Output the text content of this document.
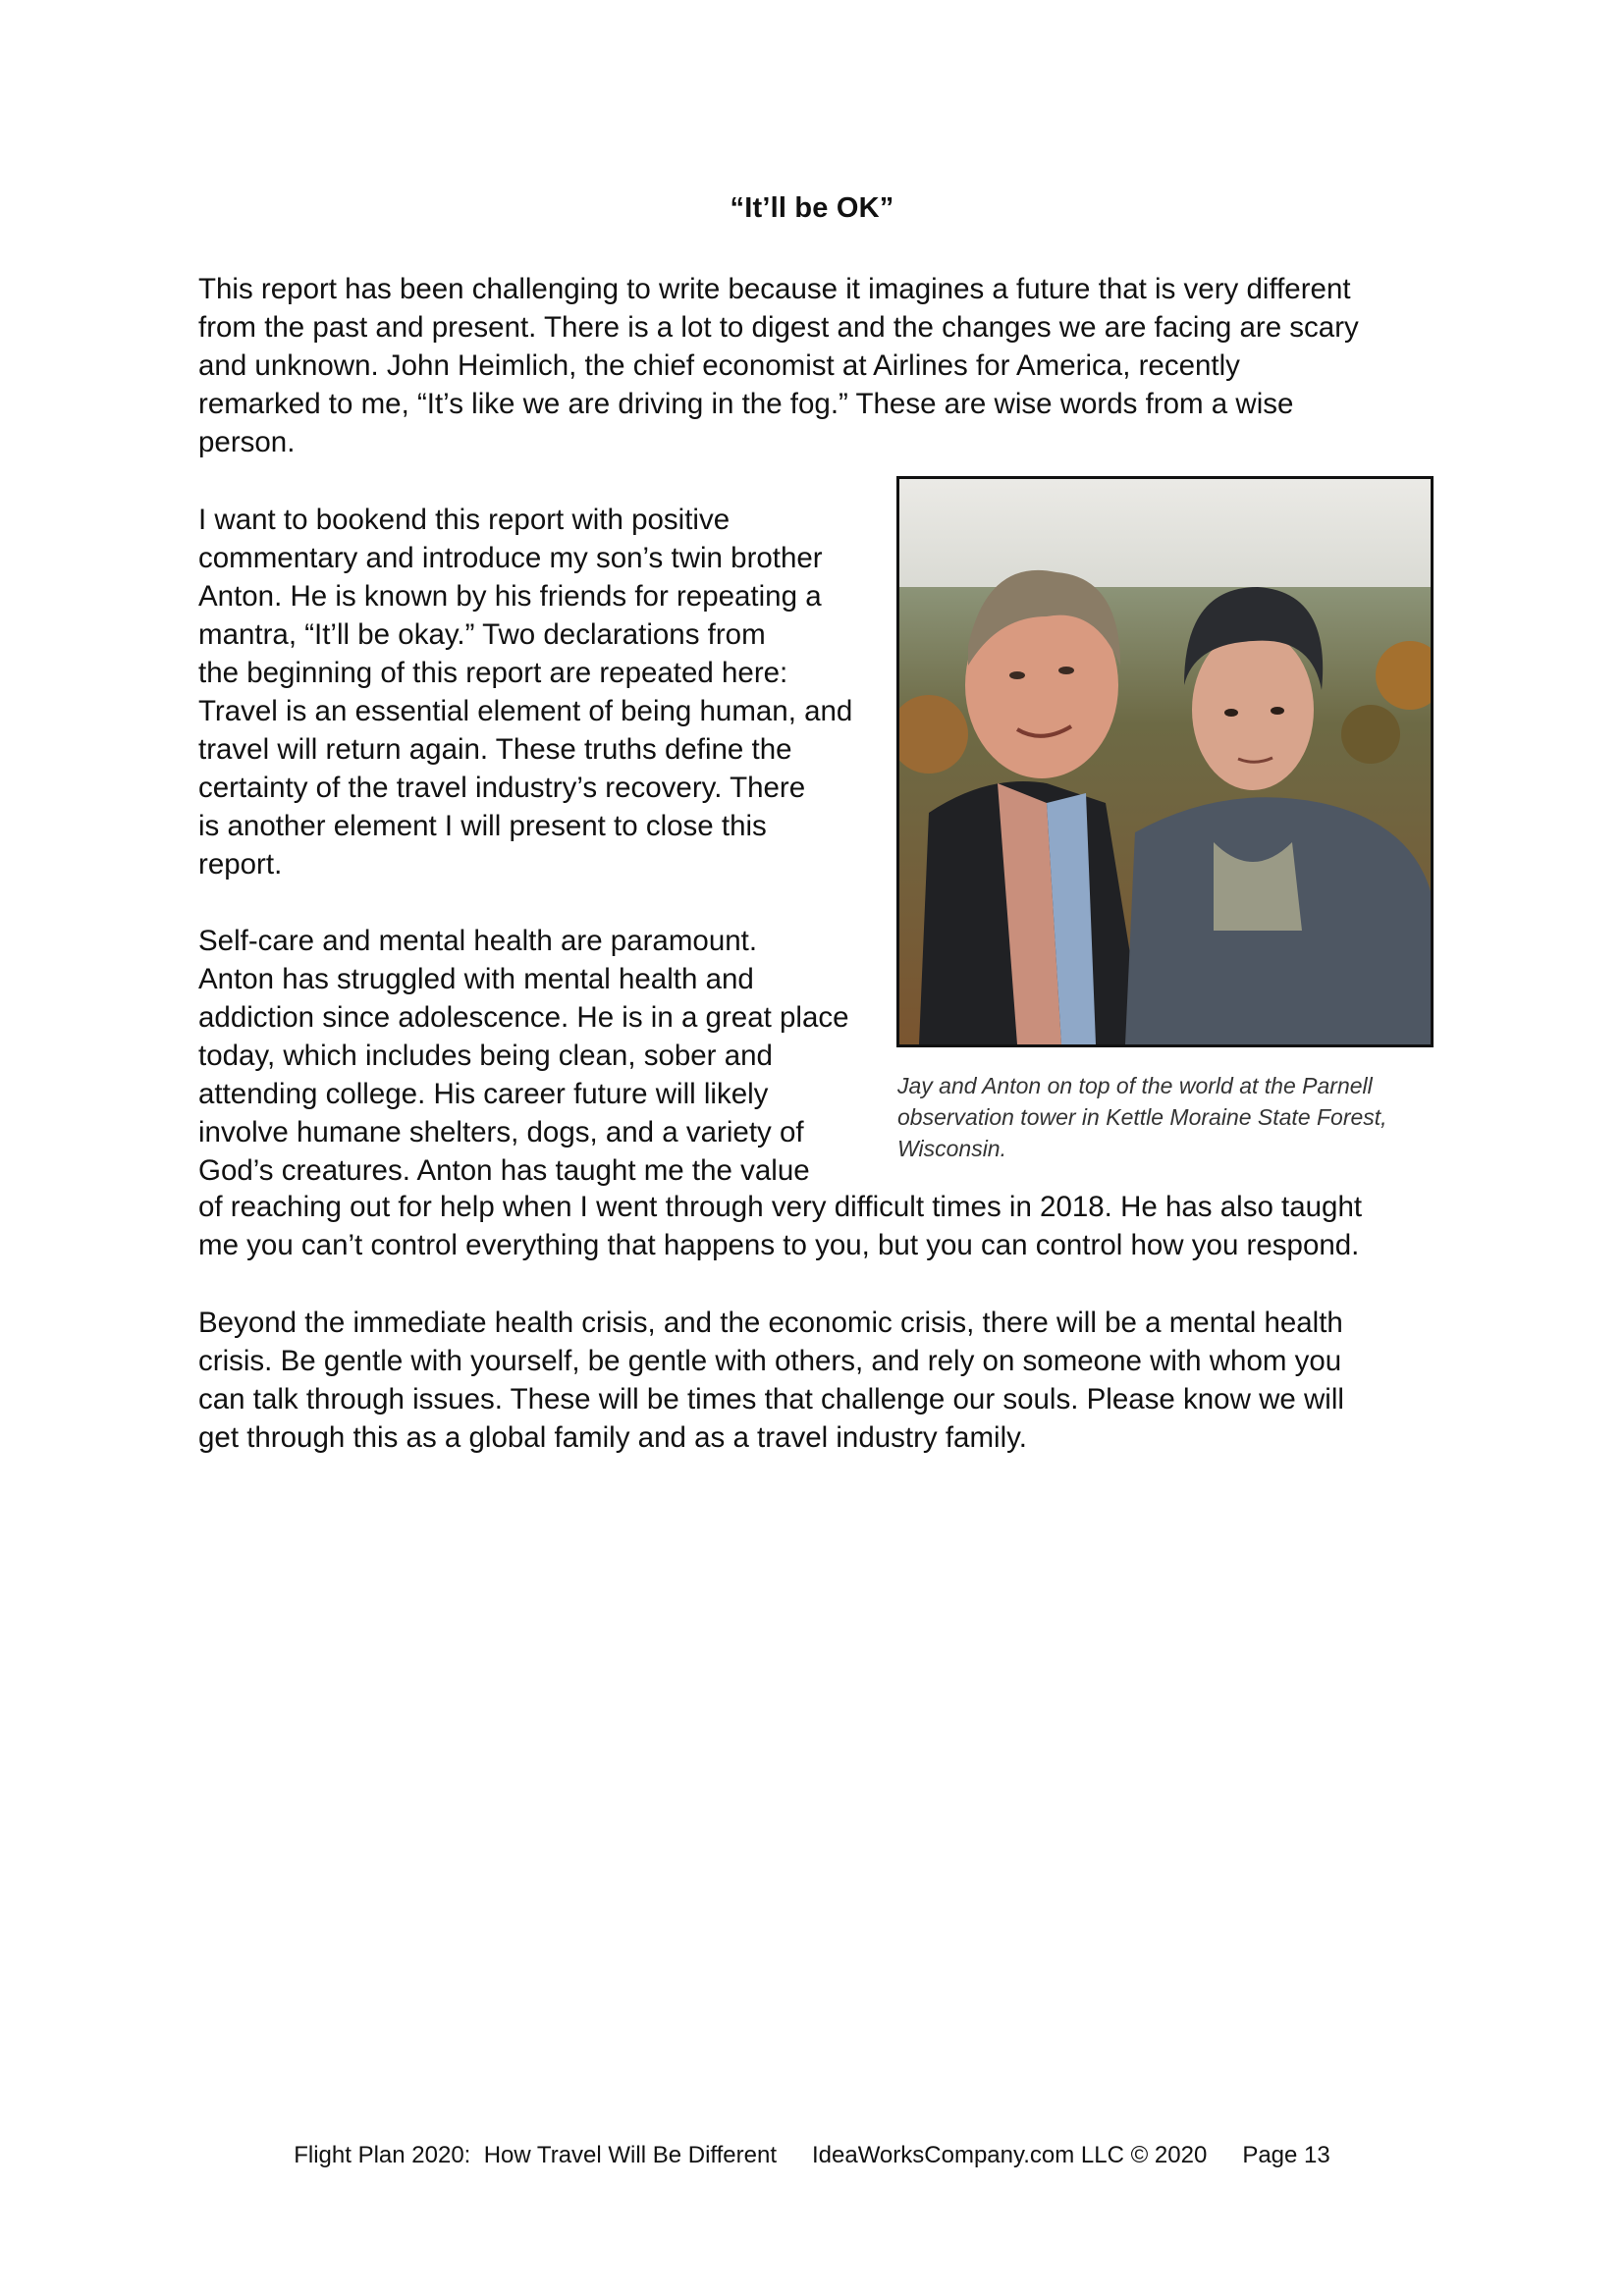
“It’ll be OK”
This report has been challenging to write because it imagines a future that is very different
from the past and present. There is a lot to digest and the changes we are facing are scary
and unknown. John Heimlich, the chief economist at Airlines for America, recently
remarked to me, “It’s like we are driving in the fog.” These are wise words from a wise
person.
I want to bookend this report with positive
commentary and introduce my son’s twin brother
Anton. He is known by his friends for repeating a
mantra, “It’ll be okay.” Two declarations from
the beginning of this report are repeated here:
Travel is an essential element of being human, and
travel will return again. These truths define the
certainty of the travel industry’s recovery. There
is another element I will present to close this
report.
Jay and Anton on top of the world at the Parnell
observation tower in Kettle Moraine State Forest,
Wisconsin.
Self-care and mental health are paramount.
Anton has struggled with mental health and
addiction since adolescence. He is in a great place
today, which includes being clean, sober and
attending college. His career future will likely
involve humane shelters, dogs, and a variety of
God’s creatures. Anton has taught me the value
of reaching out for help when I went through very difficult times in 2018. He has also taught
me you can’t control everything that happens to you, but you can control how you respond.
Beyond the immediate health crisis, and the economic crisis, there will be a mental health
crisis. Be gentle with yourself, be gentle with others, and rely on someone with whom you
can talk through issues. These will be times that challenge our souls. Please know we will
get through this as a global family and as a travel industry family.
Flight Plan 2020:  How Travel Will Be Different IdeaWorksCompany.com LLC © 2020 Page 13
